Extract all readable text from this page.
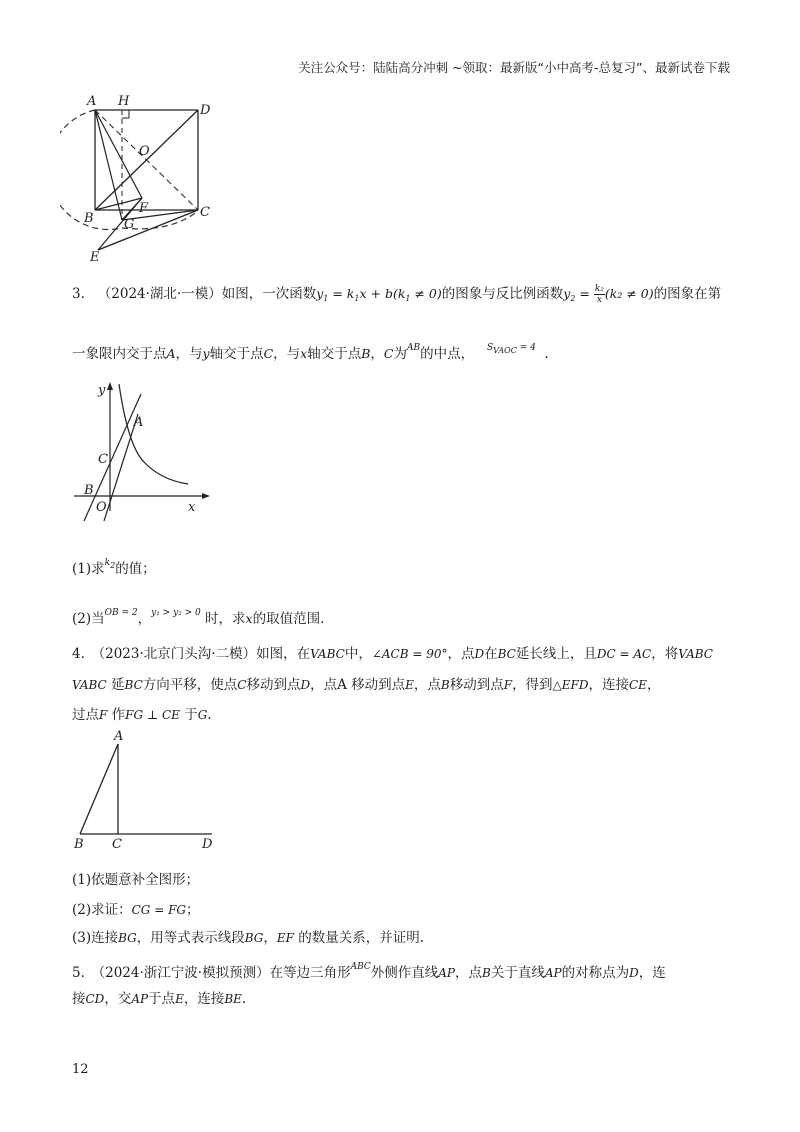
关注公众号：陆陆高分冲刺 ~领取：最新版“小中高考-总复习”、最新试卷下载
A H
D
O
F
B G
C
E
3. （2024·湖北·一模）如图，一次函数$y_1 = k_1x + b(k_1 \ne 0)$的图象与反比例函数$y_2 = \frac{\text{k₂}}{x} (k_2 \ne 0)$的图象在第
一象限内交于点A，与y轴交于点C，与x轴交于点B，C为$^{AB}$的中点， $^{SVAOC = 4}$ .
y
A
C
B
O	x
(1)求$^{k2}$的值；
(2)当$^{OB = 2}$，$^{y_1 > y_2 > 0}$ 时，求x的取值范围.
4.　（2023·北京门头沟·二模）如图，在VABC中，∠ACB = 90°，点D在BC延长线上，且DC = AC，将VABC
VABC 延BC方向平移，使点C移动到点D，点A 移动到点E，点B移动到点F，得到△EFD，连接CE，
过点F 作FG ⊥ CE 于G.
A
B C	D
(1)依题意补全图形；
(2)求证：CG = FG；
(3)连接BG，用等式表示线段BG，EF 的数量关系，并证明.
5.　（2024·浙江宁波·模拟预测）在等边三角形$^{ABC}$外侧作直线AP，点B关于直线AP的对称点为D，连
接CD，交AP于点E，连接BE.
12
